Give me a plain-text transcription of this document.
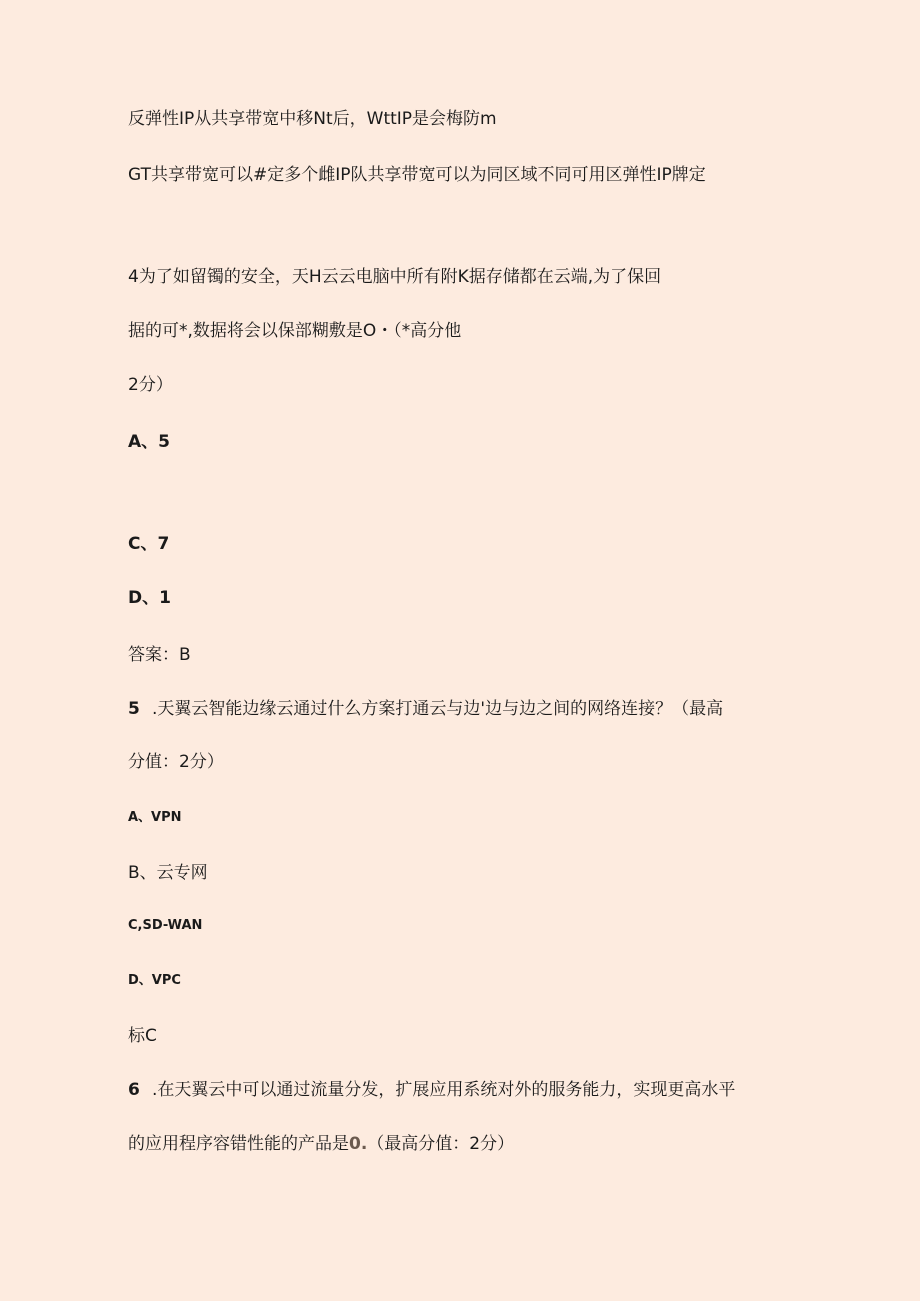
反弹性IP从共享带宽中移Nt后，WttIP是会梅防m
GT共享带宽可以#定多个雌IP队共享带宽可以为同区域不同可用区弹性IP牌定
4为了如留镯的安全，天H云云电脑中所有附K据存储都在云端,为了保回
据的可*,数据将会以保部糊敷是O・（*高分他
2分）
A、5
C、7
D、1
答案：B
5 .天翼云智能边缘云通过什么方案打通云与边'边与边之间的网络连接？（最高
分值：2分）
A、VPN
B、云专网
C,SD-WAN
D、VPC
标C
6 .在天翼云中可以通过流量分发，扩展应用系统对外的服务能力，实现更高水平
的应用程序容错性能的产品是0.（最高分值：2分）
